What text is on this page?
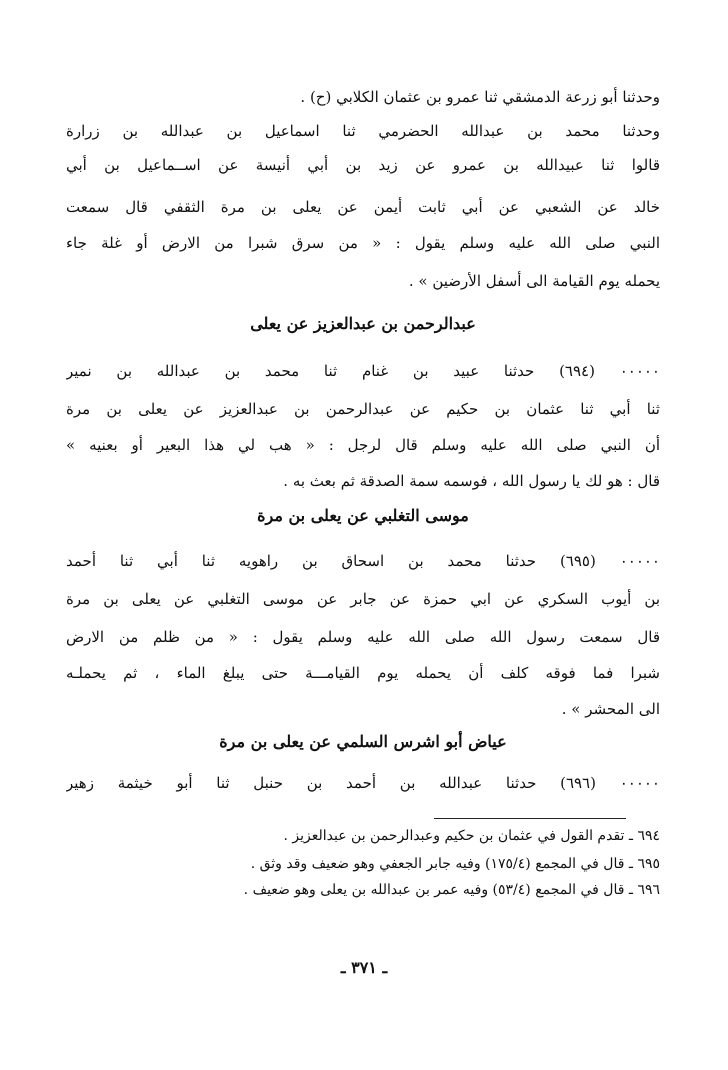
وحدثنا أبو زرعة الدمشقي ثنا عمرو بن عثمان الكلابي (ح) .
وحدثنا محمد بن عبدالله الحضرمي ثنا اسماعيل بن عبدالله بن زرارة
قالوا ثنا عبيدالله بن عمرو عن زيد بن أبي أنيسة عن اســماعيل بن أبي
خالد عن الشعبي عن أبي ثابت أيمن عن يعلى بن مرة الثقفي قال سمعت
النبي صلى الله عليه وسلم يقول : « من سرق شبرا من الارض أو غلة جاء
يحمله يوم القيامة الى أسفل الأرضين » .
عبدالرحمن بن عبدالعزيز عن يعلى
٠٠٠٠٠ (٦٩٤) حدثنا عبيد بن غنام ثنا محمد بن عبدالله بن نمير
ثنا أبي ثنا عثمان بن حكيم عن عبدالرحمن بن عبدالعزيز عن يعلى بن مرة
أن النبي صلى الله عليه وسلم قال لرجل : « هب لي هذا البعير أو بعنيه »
قال : هو لك يا رسول الله ، فوسمه سمة الصدقة ثم بعث به .
موسى التغلبي عن يعلى بن مرة
٠٠٠٠٠ (٦٩٥) حدثنا محمد بن اسحاق بن راهويه ثنا أبي ثنا أحمد
بن أيوب السكري عن ابي حمزة عن جابر عن موسى التغلبي عن يعلى بن مرة
قال سمعت رسول الله صلى الله عليه وسلم يقول : « من ظلم من الارض
شبرا فما فوقه كلف أن يحمله يوم القيامـــة حتى يبلغ الماء ، ثم يحملـه
الى المحشر » .
عياض أبو اشرس السلمي عن يعلى بن مرة
٠٠٠٠٠ (٦٩٦) حدثنا عبدالله بن أحمد بن حنبل ثنا أبو خيثمة زهير
٦٩٤ ـ تقدم القول في عثمان بن حكيم وعبدالرحمن بن عبدالعزيز .
٦٩٥ ـ قال في المجمع (١٧٥/٤) وفيه جابر الجعفي وهو ضعيف وقد وثق .
٦٩٦ ـ قال في المجمع (٥٣/٤) وفيه عمر بن عبدالله بن يعلى وهو ضعيف .
ـ ٣٧١ ـ
